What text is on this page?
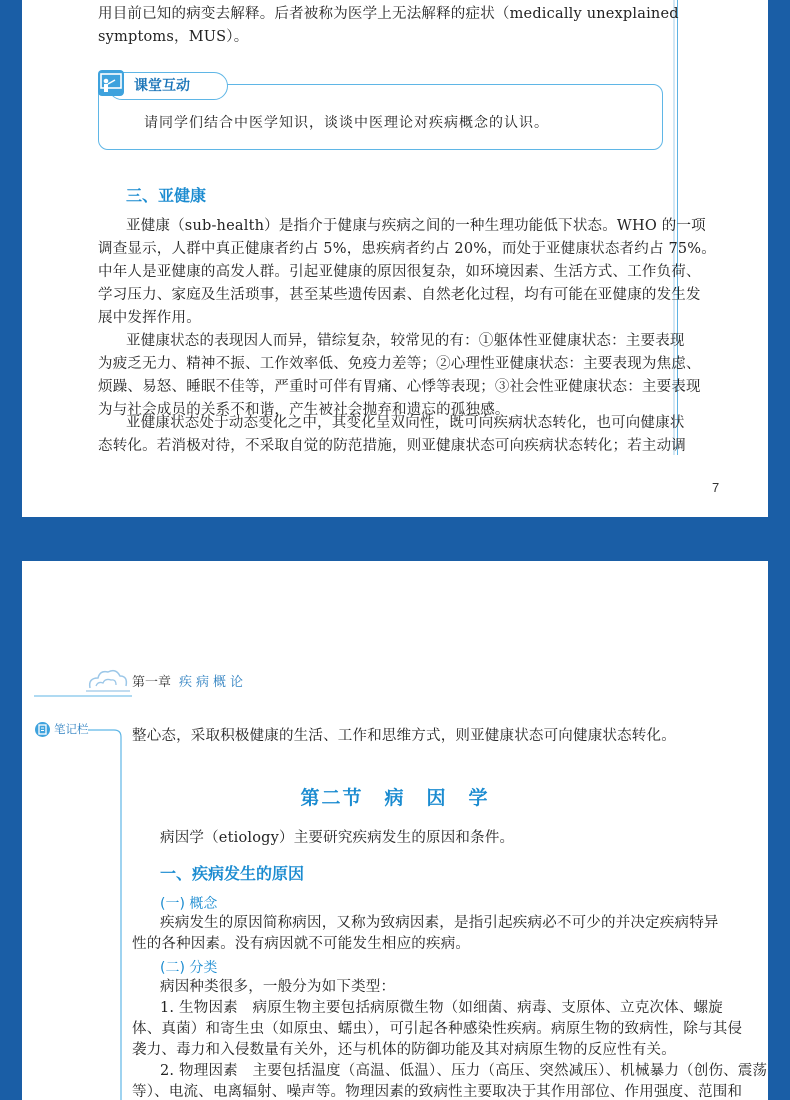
用目前已知的病变去解释。后者被称为医学上无法解释的症状（medically unexplained

symptoms，MUS）。

课堂互动
请同学们结合中医学知识，谈谈中医理论对疾病概念的认识。
三、亚健康

亚健康（sub-health）是指介于健康与疾病之间的一种生理功能低下状态。WHO 的一项

调查显示，人群中真正健康者约占 5%，患疾病者约占 20%，而处于亚健康状态者约占 75%。

中年人是亚健康的高发人群。引起亚健康的原因很复杂，如环境因素、生活方式、工作负荷、

学习压力、家庭及生活琐事，甚至某些遗传因素、自然老化过程，均有可能在亚健康的发生发

展中发挥作用。

亚健康状态的表现因人而异，错综复杂，较常见的有：①躯体性亚健康状态：主要表现

为疲乏无力、精神不振、工作效率低、免疫力差等；②心理性亚健康状态：主要表现为焦虑、

烦躁、易怒、睡眠不佳等，严重时可伴有胃痛、心悸等表现；③社会性亚健康状态：主要表现

为与社会成员的关系不和谐，产生被社会抛弃和遗忘的孤独感。

亚健康状态处于动态变化之中，其变化呈双向性，既可向疾病状态转化，也可向健康状

态转化。若消极对待，不采取自觉的防范措施，则亚健康状态可向疾病状态转化；若主动调

7
第一章 疾病概论
笔记栏	整心态，采取积极健康的生活、工作和思维方式，则亚健康状态可向健康状态转化。

第二节　病　因　学

病因学（etiology）主要研究疾病发生的原因和条件。

一、疾病发生的原因
(一) 概念

疾病发生的原因简称病因，又称为致病因素，是指引起疾病必不可少的并决定疾病特异

性的各种因素。没有病因就不可能发生相应的疾病。

(二) 分类

病因种类很多，一般分为如下类型：

1. 生物因素　病原生物主要包括病原微生物（如细菌、病毒、支原体、立克次体、螺旋

体、真菌）和寄生虫（如原虫、蠕虫），可引起各种感染性疾病。病原生物的致病性，除与其侵

袭力、毒力和入侵数量有关外，还与机体的防御功能及其对病原生物的反应性有关。

2. 物理因素　主要包括温度（高温、低温）、压力（高压、突然减压）、机械暴力（创伤、震荡

等）、电流、电离辐射、噪声等。物理因素的致病性主要取决于其作用部位、作用强度、范围和
